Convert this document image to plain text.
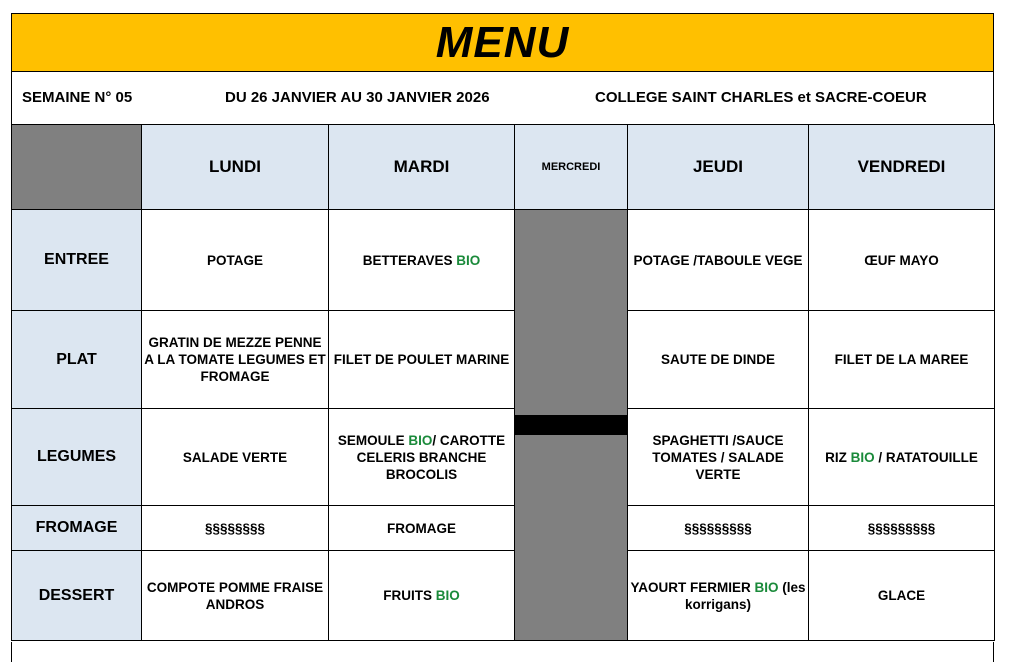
MENU
SEMAINE N° 05	DU 26 JANVIER AU 30 JANVIER 2026	COLLEGE SAINT CHARLES et SACRE-COEUR
	LUNDI	MARDI	MERCREDI	JEUDI	VENDREDI
ENTREE	POTAGE	BETTERAVES BIO		POTAGE /TABOULE VEGE	ŒUF MAYO
PLAT	GRATIN DE MEZZE PENNE A LA TOMATE LEGUMES ET FROMAGE	FILET DE POULET MARINE		SAUTE DE DINDE	FILET DE LA MAREE
LEGUMES	SALADE VERTE	SEMOULE BIO/ CAROTTE CELERIS BRANCHE BROCOLIS		SPAGHETTI /SAUCE TOMATES / SALADE VERTE	RIZ BIO / RATATOUILLE
FROMAGE	§§§§§§§§	FROMAGE		§§§§§§§§§	§§§§§§§§§
DESSERT	COMPOTE POMME FRAISE ANDROS	FRUITS BIO		YAOURT FERMIER BIO (les korrigans)	GLACE
